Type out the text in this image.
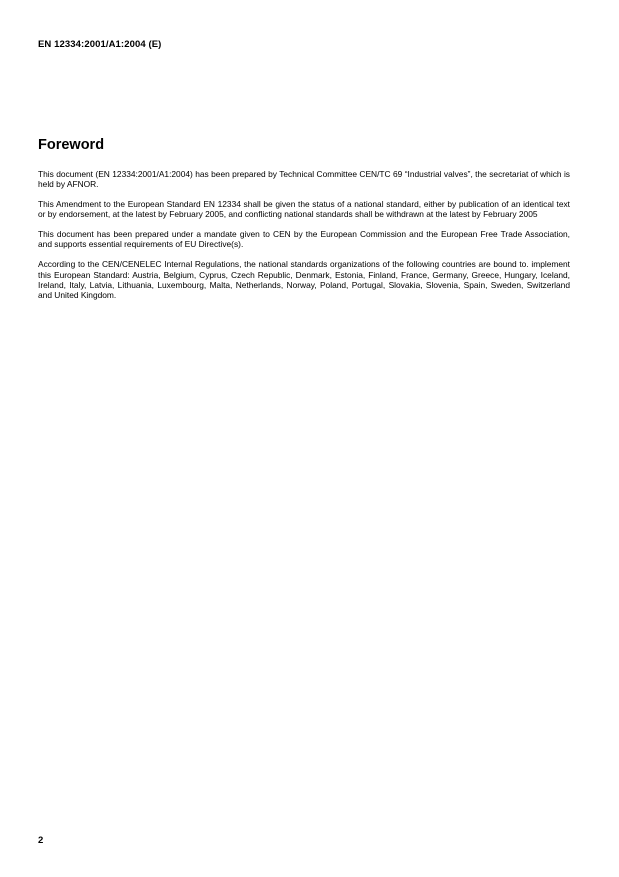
EN 12334:2001/A1:2004 (E)
Foreword

This document (EN 12334:2001/A1:2004) has been prepared by Technical Committee CEN/TC 69 “Industrial valves”, the secretariat of which is held by AFNOR.

This Amendment to the European Standard EN 12334 shall be given the status of a national standard, either by publication of an identical text or by endorsement, at the latest by February 2005, and conflicting national standards shall be withdrawn at the latest by February 2005

This document has been prepared under a mandate given to CEN by the European Commission and the European Free Trade Association, and supports essential requirements of EU Directive(s).

According to the CEN/CENELEC Internal Regulations, the national standards organizations of the following countries are bound to. implement this European Standard: Austria, Belgium, Cyprus, Czech Republic, Denmark, Estonia, Finland, France, Germany, Greece, Hungary, Iceland, Ireland, Italy, Latvia, Lithuania, Luxembourg, Malta, Netherlands, Norway, Poland, Portugal, Slovakia, Slovenia, Spain, Sweden, Switzerland and United Kingdom.

2
